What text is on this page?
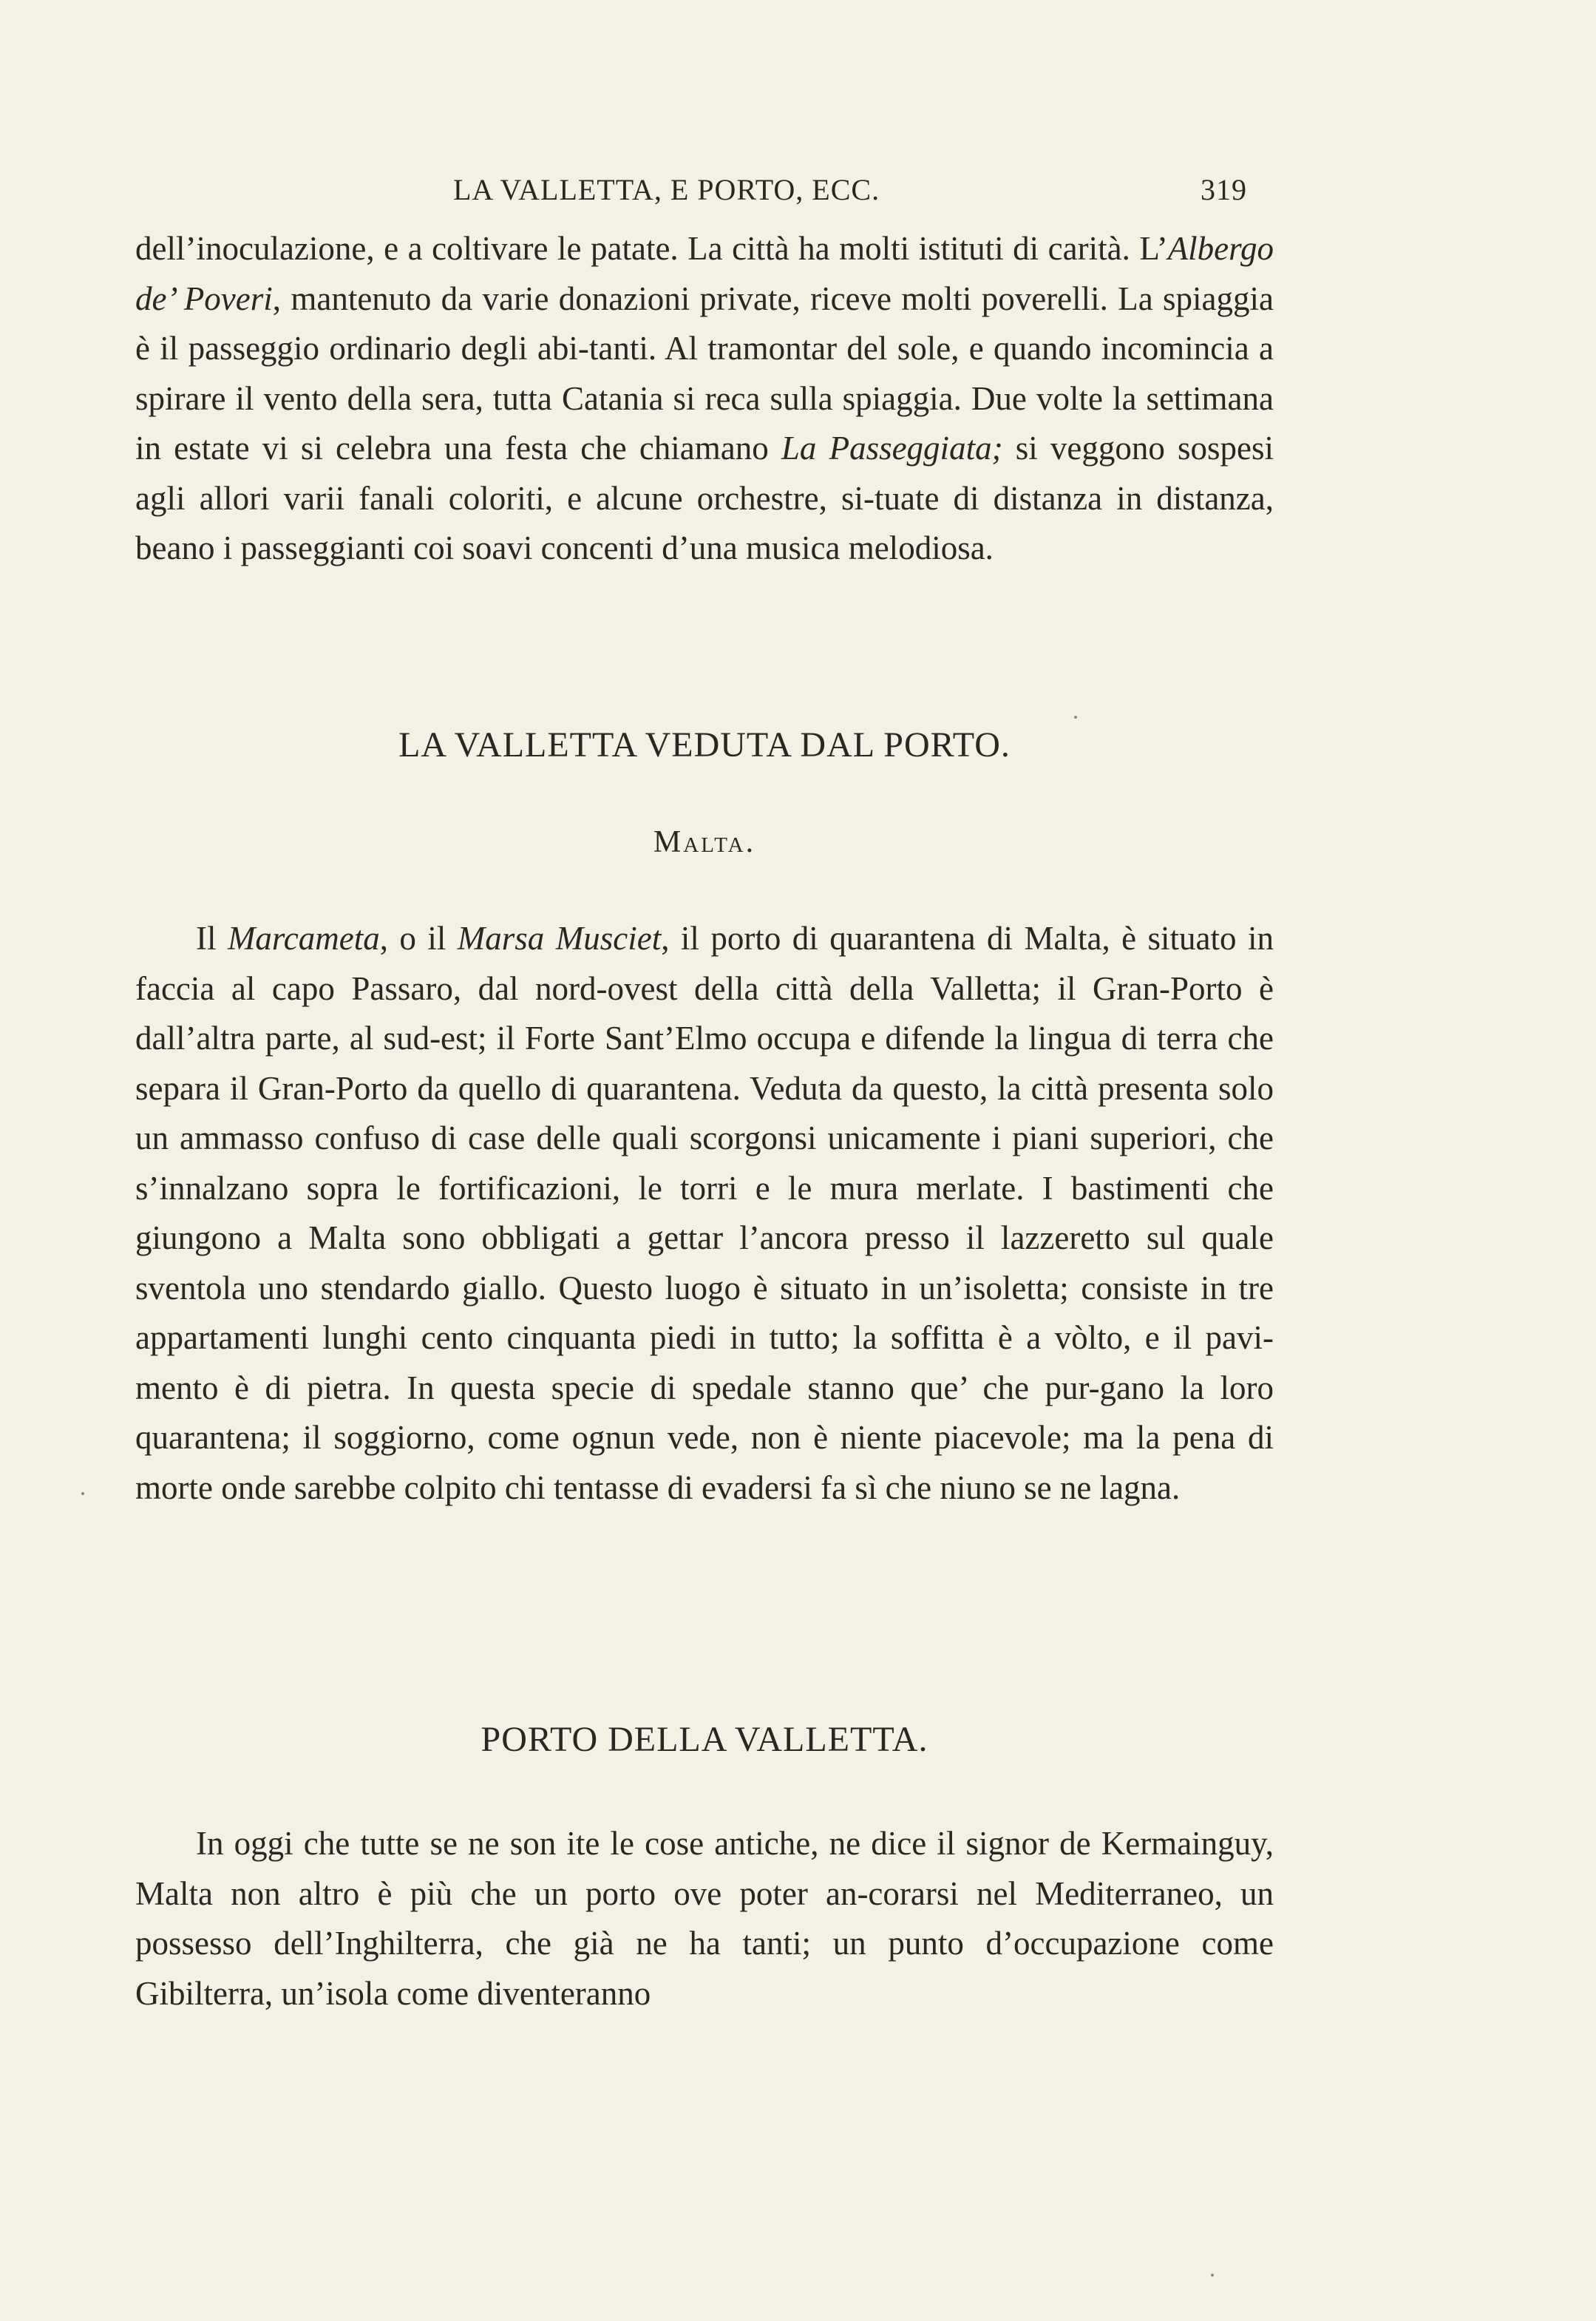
LA VALLETTA, E PORTO, ECC.	319
dell’inoculazione, e a coltivare le patate. La città ha molti istituti di carità. L’Albergo de’ Poveri, mantenuto da varie donazioni private, riceve molti poverelli. La spiaggia è il passeggio ordinario degli abi-tanti. Al tramontar del sole, e quando incomincia a spirare il vento della sera, tutta Catania si reca sulla spiaggia. Due volte la settimana in estate vi si celebra una festa che chiamano La Passeggiata; si veggono sospesi agli allori varii fanali coloriti, e alcune orchestre, si-tuate di distanza in distanza, beano i passeggianti coi soavi concenti d’una musica melodiosa.
LA VALLETTA VEDUTA DAL PORTO.
Malta.
Il Marcameta, o il Marsa Musciet, il porto di quarantena di Malta, è situato in faccia al capo Passaro, dal nord-ovest della città della Valletta; il Gran-Porto è dall’altra parte, al sud-est; il Forte Sant’Elmo occupa e difende la lingua di terra che separa il Gran-Porto da quello di quarantena. Veduta da questo, la città presenta solo un ammasso confuso di case delle quali scorgonsi unicamente i piani superiori, che s’innalzano sopra le fortificazioni, le torri e le mura merlate. I bastimenti che giungono a Malta sono obbligati a gettar l’ancora presso il lazzeretto sul quale sventola uno stendardo giallo. Questo luogo è situato in un’isoletta; consiste in tre appartamenti lunghi cento cinquanta piedi in tutto; la soffitta è a vòlto, e il pavi-mento è di pietra. In questa specie di spedale stanno que’ che pur-gano la loro quarantena; il soggiorno, come ognun vede, non è niente piacevole; ma la pena di morte onde sarebbe colpito chi tentasse di evadersi fa sì che niuno se ne lagna.
PORTO DELLA VALLETTA.
In oggi che tutte se ne son ite le cose antiche, ne dice il signor de Kermainguy, Malta non altro è più che un porto ove poter an-corarsi nel Mediterraneo, un possesso dell’Inghilterra, che già ne ha tanti; un punto d’occupazione come Gibilterra, un’isola come diventeranno
